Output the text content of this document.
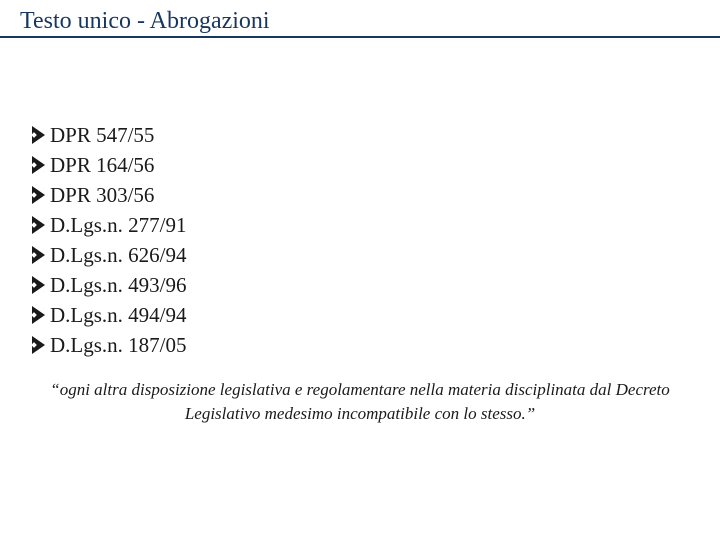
Testo unico - Abrogazioni
DPR 547/55
DPR 164/56
DPR 303/56
D.Lgs.n. 277/91
D.Lgs.n. 626/94
D.Lgs.n. 493/96
D.Lgs.n. 494/94
D.Lgs.n. 187/05

“ogni altra disposizione legislativa e regolamentare nella materia disciplinata dal Decreto Legislativo medesimo incompatibile con lo stesso.”
